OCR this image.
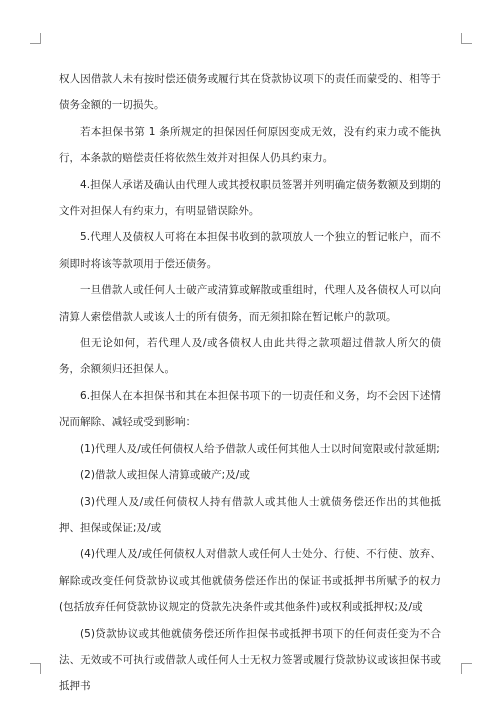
权人因借款人未有按时偿还债务或履行其在贷款协议项下的责任而蒙受的、相等于债务金额的一切损失。

若本担保书第 1 条所规定的担保因任何原因变成无效，没有约束力或不能执行，本条款的赔偿责任将依然生效并对担保人仍具约束力。

4.担保人承诺及确认由代理人或其授权职员签署并列明确定债务数额及到期的文件对担保人有约束力，有明显错误除外。

5.代理人及债权人可将在本担保书收到的款项放人一个独立的暂记帐户，而不须即时将该等款项用于偿还债务。

一旦借款人或任何人士破产或清算或解散或重组时，代理人及各债权人可以向清算人索偿借款人或该人士的所有债务，而无须扣除在暂记帐户的款项。

但无论如何，若代理人及/或各债权人由此共得之款项超过借款人所欠的债务，余额须归还担保人。

6.担保人在本担保书和其在本担保书项下的一切责任和义务，均不会因下述情况而解除、减轻或受到影响：

(1)代理人及/或任何债权人给予借款人或任何其他人士以时间宽限或付款延期;

(2)借款人或担保人清算或破产;及/或

(3)代理人及/或任何债权人持有借款人或其他人士就债务偿还作出的其他抵押、担保或保证;及/或

(4)代理人及/或任何债权人对借款人或任何人士处分、行使、不行使、放弃、解除或改变任何贷款协议或其他就债务偿还作出的保证书或抵押书所赋予的权力(包括放弃任何贷款协议规定的贷款先决条件或其他条件)或权利或抵押权;及/或

(5)贷款协议或其他就债务偿还所作担保书或抵押书项下的任何责任变为不合法、无效或不可执行或借款人或任何人士无权力签署或履行贷款协议或该担保书或抵押书
